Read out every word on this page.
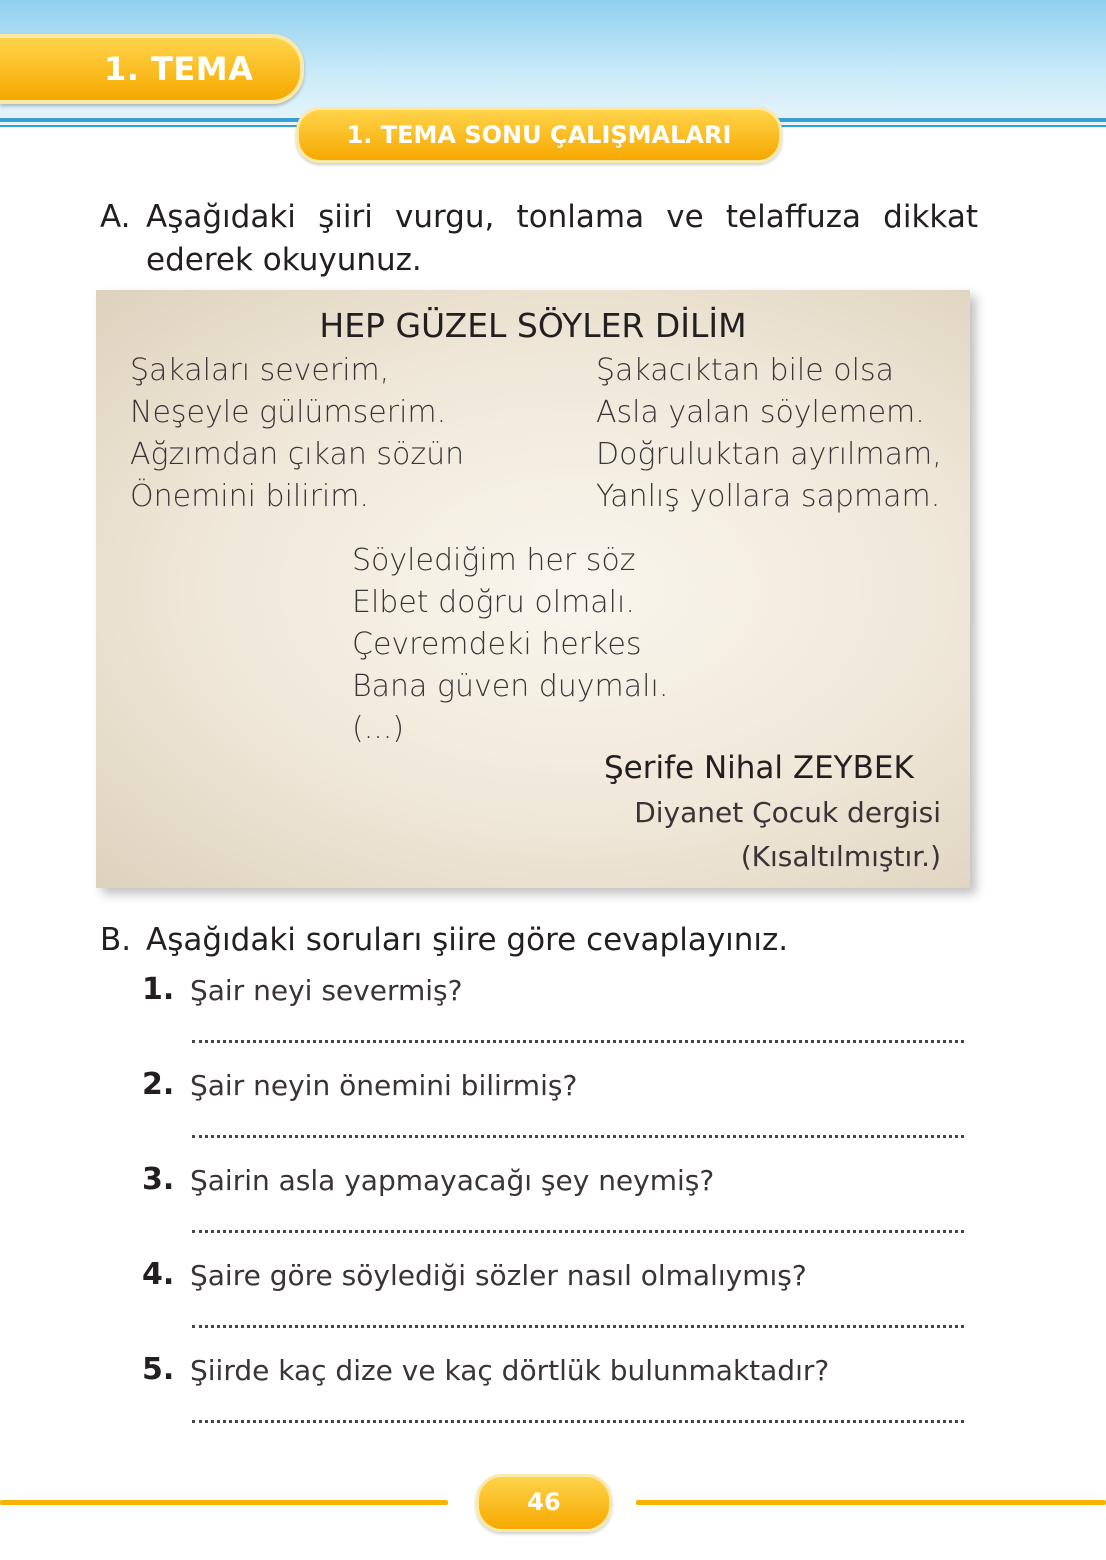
1. TEMA
1. TEMA SONU ÇALIŞMALARI
A. Aşağıdaki şiiri vurgu, tonlama ve telaffuza dikkat
ederek okuyunuz.
HEP GÜZEL SÖYLER DİLİM
Şakaları severim,
Neşeyle gülümserim.
Ağzımdan çıkan sözün
Önemini bilirim.
Şakacıktan bile olsa
Asla yalan söylemem.
Doğruluktan ayrılmam,
Yanlış yollara sapmam.
Söylediğim her söz
Elbet doğru olmalı.
Çevremdeki herkes
Bana güven duymalı.
(...)
Şerife Nihal ZEYBEK
Diyanet Çocuk dergisi
(Kısaltılmıştır.)
B. Aşağıdaki soruları şiire göre cevaplayınız.
1. Şair neyi severmiş?
2. Şair neyin önemini bilirmiş?
3. Şairin asla yapmayacağı şey neymiş?
4. Şaire göre söylediği sözler nasıl olmalıymış?
5. Şiirde kaç dize ve kaç dörtlük bulunmaktadır?
46
